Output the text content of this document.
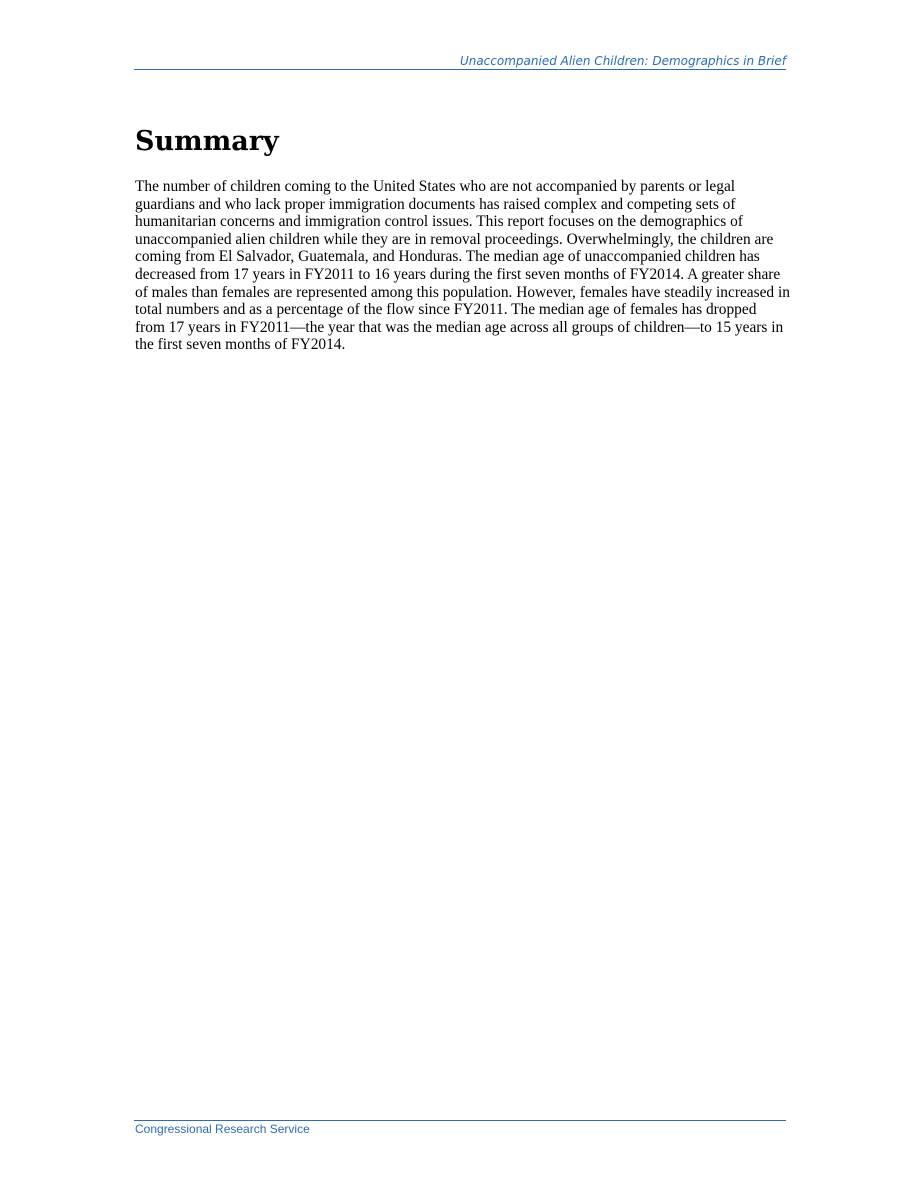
Unaccompanied Alien Children: Demographics in Brief
Summary

The number of children coming to the United States who are not accompanied by parents or legal guardians and who lack proper immigration documents has raised complex and competing sets of humanitarian concerns and immigration control issues. This report focuses on the demographics of unaccompanied alien children while they are in removal proceedings. Overwhelmingly, the children are coming from El Salvador, Guatemala, and Honduras. The median age of unaccompanied children has decreased from 17 years in FY2011 to 16 years during the first seven months of FY2014. A greater share of males than females are represented among this population. However, females have steadily increased in total numbers and as a percentage of the flow since FY2011. The median age of females has dropped from 17 years in FY2011—the year that was the median age across all groups of children—to 15 years in the first seven months of FY2014.

Congressional Research Service
